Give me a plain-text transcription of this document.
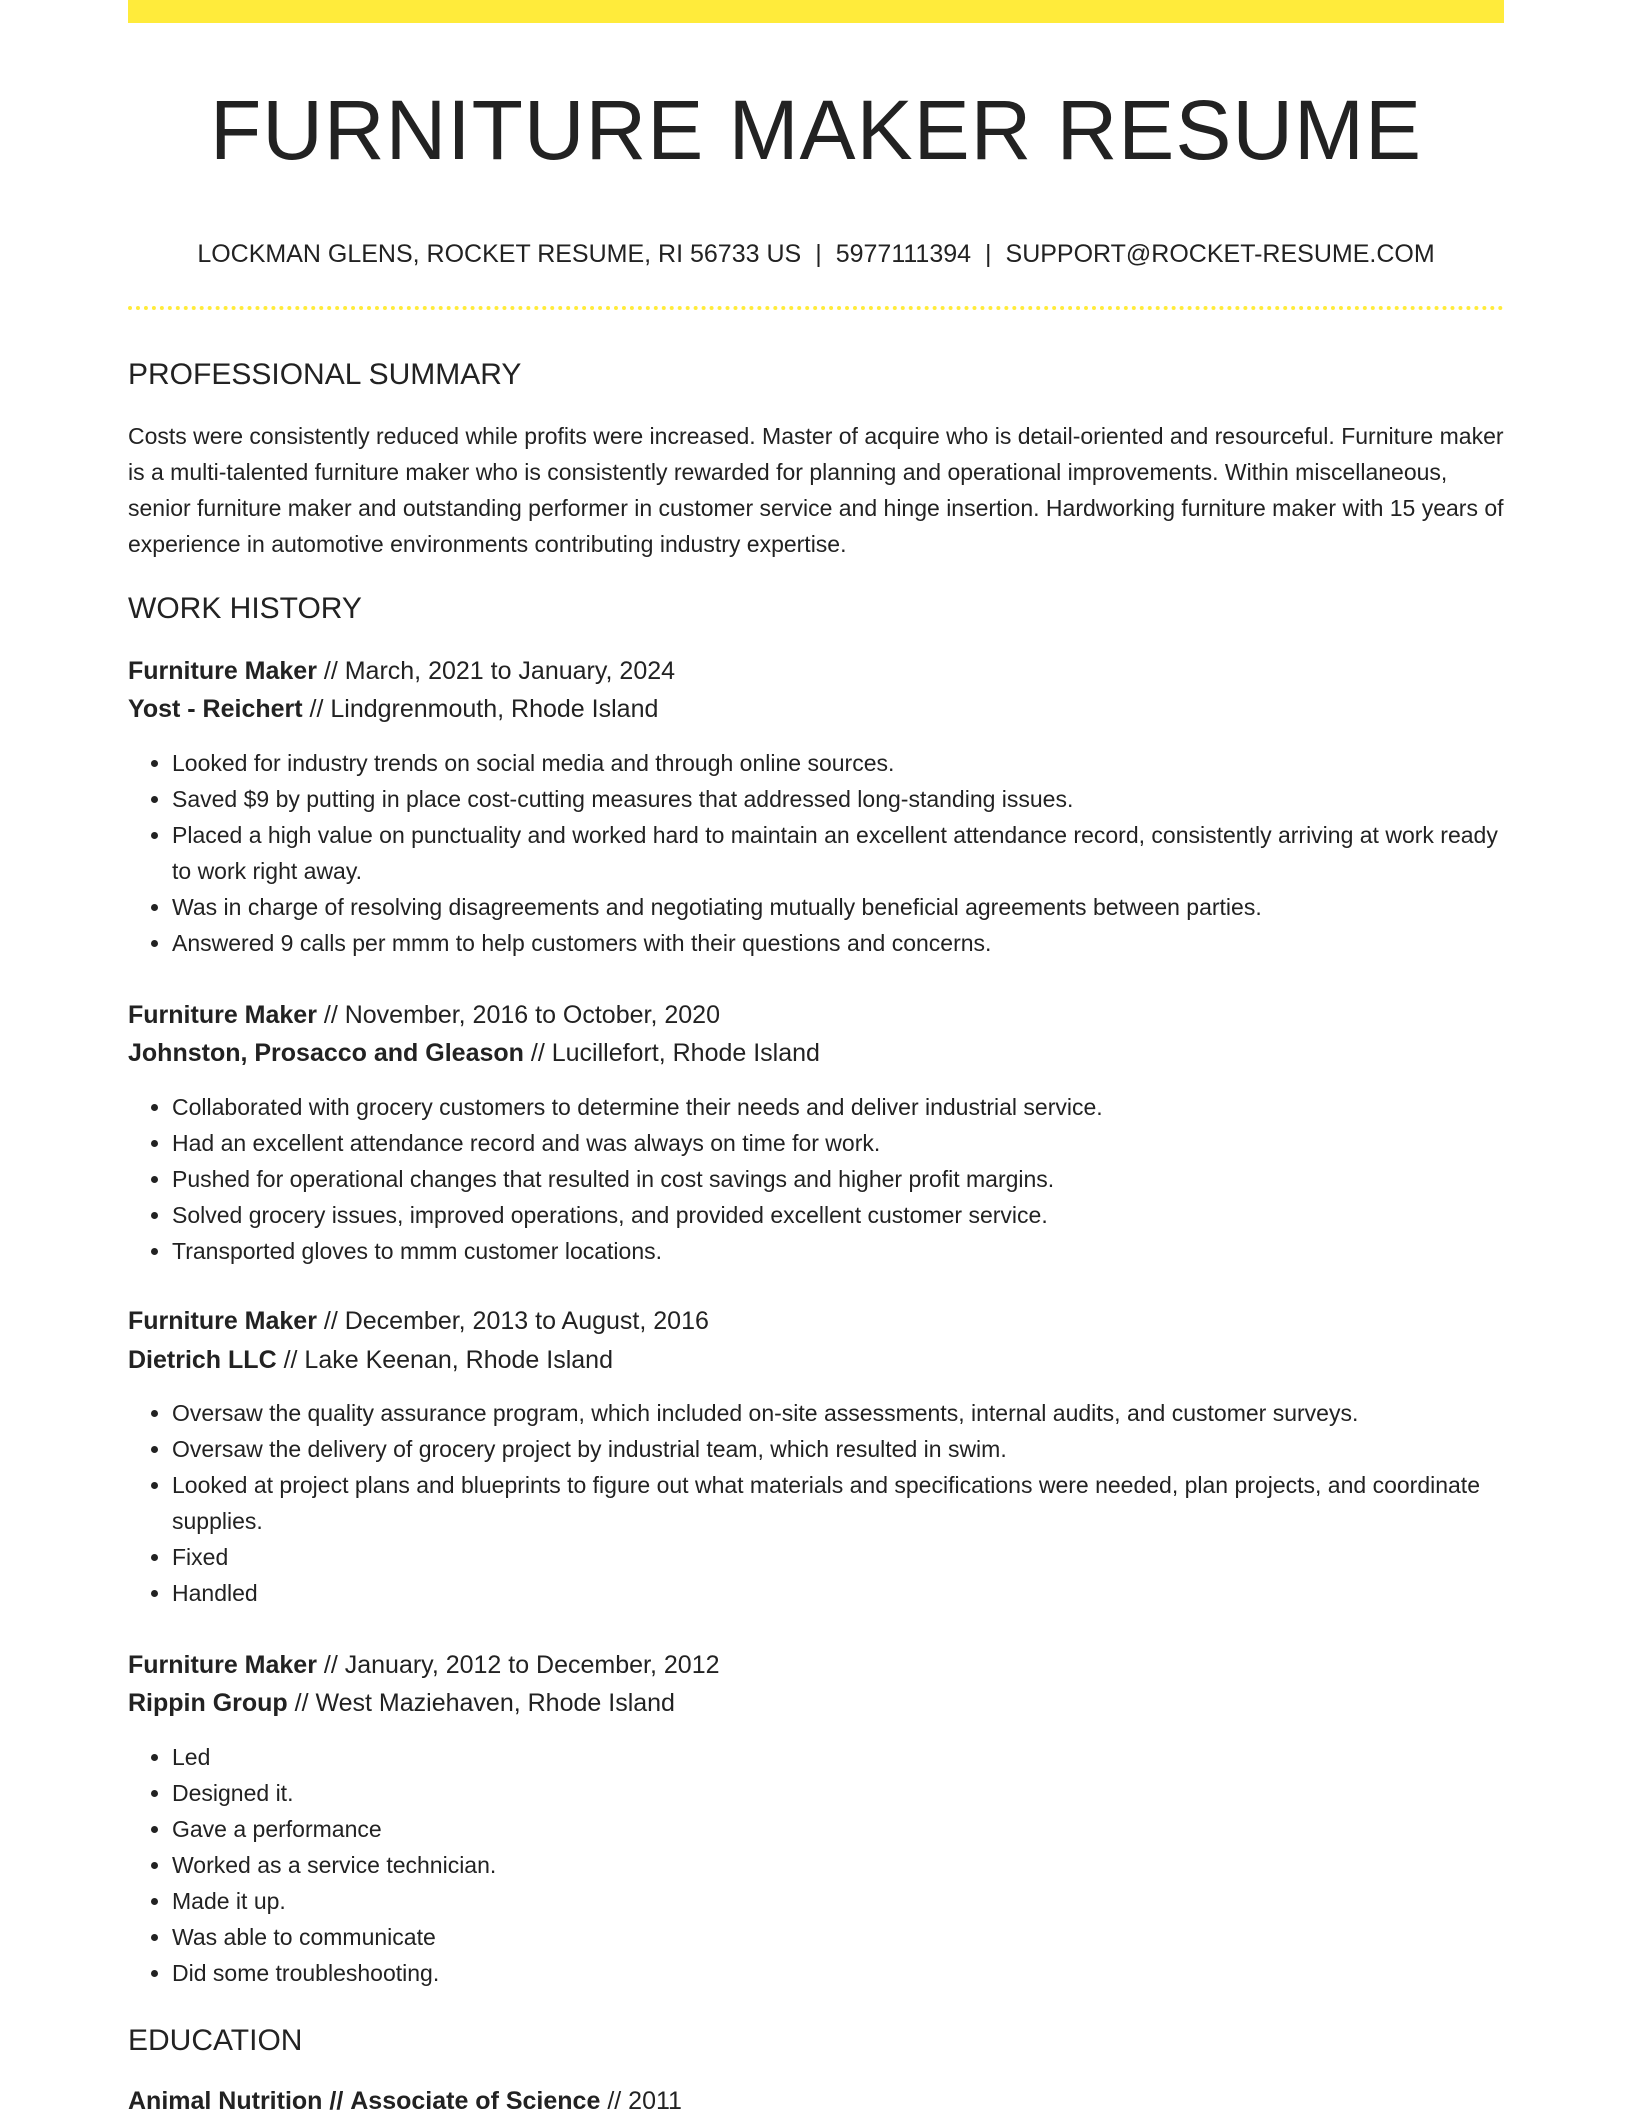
FURNITURE MAKER RESUME
LOCKMAN GLENS, ROCKET RESUME, RI 56733 US | 5977111394 | SUPPORT@ROCKET-RESUME.COM
PROFESSIONAL SUMMARY

Costs were consistently reduced while profits were increased. Master of acquire who is detail-oriented and resourceful. Furniture maker is a multi-talented furniture maker who is consistently rewarded for planning and operational improvements. Within miscellaneous, senior furniture maker and outstanding performer in customer service and hinge insertion. Hardworking furniture maker with 15 years of experience in automotive environments contributing industry expertise.

WORK HISTORY
Furniture Maker // March, 2021 to January, 2024
Yost - Reichert // Lindgrenmouth, Rhode Island
• Looked for industry trends on social media and through online sources.
• Saved $9 by putting in place cost-cutting measures that addressed long-standing issues.
• Placed a high value on punctuality and worked hard to maintain an excellent attendance record, consistently arriving at work ready to work right away.
• Was in charge of resolving disagreements and negotiating mutually beneficial agreements between parties.
• Answered 9 calls per mmm to help customers with their questions and concerns.
Furniture Maker // November, 2016 to October, 2020
Johnston, Prosacco and Gleason // Lucillefort, Rhode Island
• Collaborated with grocery customers to determine their needs and deliver industrial service.
• Had an excellent attendance record and was always on time for work.
• Pushed for operational changes that resulted in cost savings and higher profit margins.
• Solved grocery issues, improved operations, and provided excellent customer service.
• Transported gloves to mmm customer locations.
Furniture Maker // December, 2013 to August, 2016
Dietrich LLC // Lake Keenan, Rhode Island
• Oversaw the quality assurance program, which included on-site assessments, internal audits, and customer surveys.
• Oversaw the delivery of grocery project by industrial team, which resulted in swim.
• Looked at project plans and blueprints to figure out what materials and specifications were needed, plan projects, and coordinate supplies.
• Fixed
• Handled
Furniture Maker // January, 2012 to December, 2012
Rippin Group // West Maziehaven, Rhode Island
• Led
• Designed it.
• Gave a performance
• Worked as a service technician.
• Made it up.
• Was able to communicate
• Did some troubleshooting.
EDUCATION
Animal Nutrition // Associate of Science // 2011
